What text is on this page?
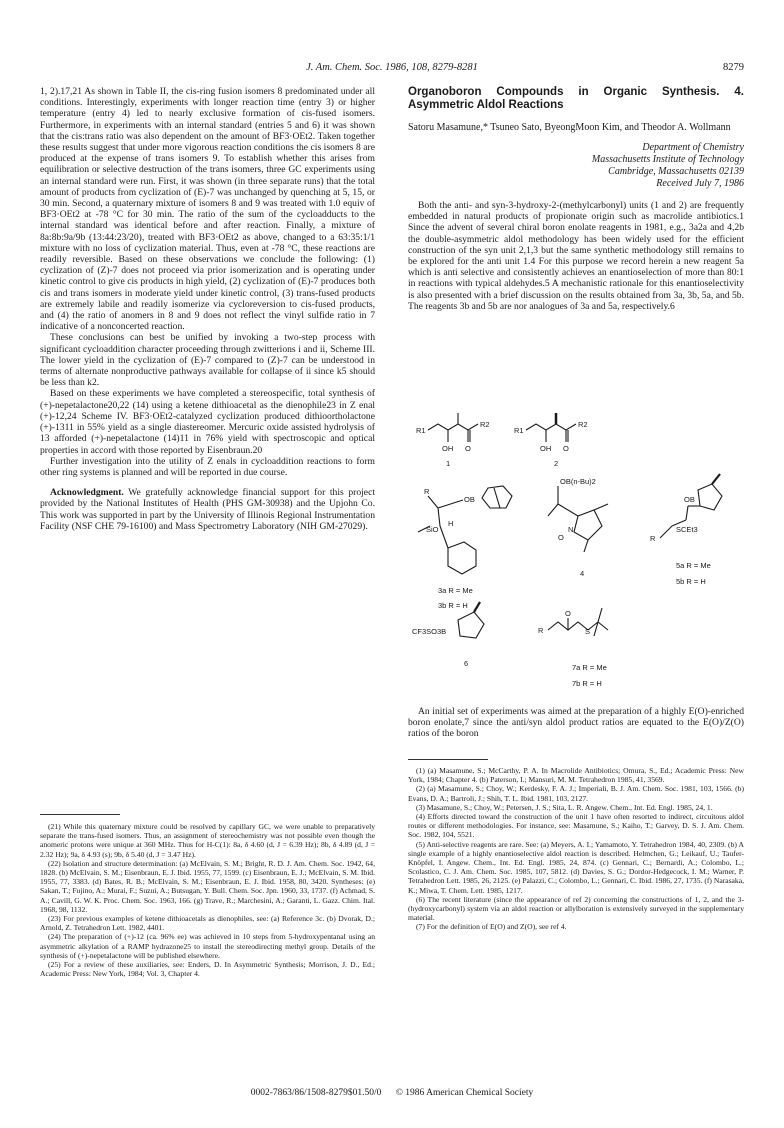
J. Am. Chem. Soc. 1986, 108, 8279-8281	8279

1, 2).17,21 As shown in Table II, the cis-ring fusion isomers 8 predominated under all conditions. Interestingly, experiments with longer reaction time (entry 3) or higher temperature (entry 4) led to nearly exclusive formation of cis-fused isomers. Furthermore, in experiments with an internal standard (entries 5 and 6) it was shown that the cis:trans ratio was also dependent on the amount of BF3·OEt2. Taken together these results suggest that under more vigorous reaction conditions the cis isomers 8 are produced at the expense of trans isomers 9. To establish whether this arises from equilibration or selective destruction of the trans isomers, three GC experiments using an internal standard were run. First, it was shown (in three separate runs) that the total amount of products from cyclization of (E)-7 was unchanged by quenching at 5, 15, or 30 min. Second, a quaternary mixture of isomers 8 and 9 was treated with 1.0 equiv of BF3·OEt2 at -78 °C for 30 min. The ratio of the sum of the cycloadducts to the internal standard was identical before and after reaction. Finally, a mixture of 8a:8b:9a/9b (13:44:23/20), treated with BF3·OEt2 as above, changed to a 63:35:1/1 mixture with no loss of cyclization material. Thus, even at -78 °C, these reactions are readily reversible. Based on these observations we conclude the following: (1) cyclization of (Z)-7 does not proceed via prior isomerization and is operating under kinetic control to give cis products in high yield, (2) cyclization of (E)-7 produces both cis and trans isomers in moderate yield under kinetic control, (3) trans-fused products are extremely labile and readily isomerize via cycloreversion to cis-fused products, and (4) the ratio of anomers in 8 and 9 does not reflect the vinyl sulfide ratio in 7 indicative of a nonconcerted reaction.

These conclusions can best be unified by invoking a two-step process with significant cycloaddition character proceeding through zwitterions i and ii, Scheme III. The lower yield in the cyclization of (E)-7 compared to (Z)-7 can be understood in terms of alternate nonproductive pathways available for collapse of ii since k5 should be less than k2.

Based on these experiments we have completed a stereospecific, total synthesis of (+)-nepetalactone20,22 (14) using a ketene dithioacetal as the dienophile23 in Z enal (+)-12,24 Scheme IV. BF3·OEt2-catalyzed cyclization produced dithioortholactone (+)-1311 in 55% yield as a single diastereomer. Mercuric oxide assisted hydrolysis of 13 afforded (+)-nepetalactone (14)11 in 76% yield with spectroscopic and optical properties in accord with those reported by Eisenbraun.20

Further investigation into the utility of Z enals in cycloaddition reactions to form other ring systems is planned and will be reported in due course.

Acknowledgment. We gratefully acknowledge financial support for this project provided by the National Institutes of Health (PHS GM-30938) and the Upjohn Co. This work was supported in part by the University of Illinois Regional Instrumentation Facility (NSF CHE 79-16100) and Mass Spectrometry Laboratory (NIH GM-27029).

(21) While this quaternary mixture could be resolved by capillary GC, we were unable to preparatively separate the trans-fused isomers. Thus, an assignment of stereochemistry was not possible even though the anomeric protons were unique at 360 MHz. Thus for H-C(1): 8a, δ 4.60 (d, J = 6.39 Hz); 8b, δ 4.89 (d, J = 2.32 Hz); 9a, δ 4.93 (s); 9b, δ 5.40 (d, J = 3.47 Hz).

(22) Isolation and structure determination: (a) McElvain, S. M.; Bright, R. D. J. Am. Chem. Soc. 1942, 64, 1828. (b) McElvain, S. M.; Eisenbraun, E. J. Ibid. 1955, 77, 1599. (c) Eisenbraun, E. J.; McElvain, S. M. Ibid. 1955, 77, 3383. (d) Bates, R. B.; McElvain, S. M.; Eisenbraun, E. J. Ibid. 1958, 80, 3420. Syntheses: (e) Sakan, T.; Fujino, A.; Murai, F.; Suzui, A.; Butsugan, Y. Bull. Chem. Soc. Jpn. 1960, 33, 1737. (f) Achmad, S. A.; Cavill, G. W. K. Proc. Chem. Soc. 1963, 166. (g) Trave, R.; Marchesini, A.; Garanti, L. Gazz. Chim. Ital. 1968, 98, 1132.

(23) For previous examples of ketene dithioacetals as dienophiles, see: (a) Reference 3c. (b) Dvorak, D.; Arnold, Z. Tetrahedron Lett. 1982, 4401.

(24) The preparation of (+)-12 (ca. 96% ee) was achieved in 10 steps from 5-hydroxypentanal using an asymmetric alkylation of a RAMP hydrazone25 to install the stereodirecting methyl group. Details of the synthesis of (+)-nepetalactone will be published elsewhere.

(25) For a review of these auxiliaries, see: Enders, D. In Asymmetric Synthesis; Morrison, J. D., Ed.; Academic Press: New York, 1984; Vol. 3, Chapter 4.

Organoboron Compounds in Organic Synthesis. 4. Asymmetric Aldol Reactions
Satoru Masamune,* Tsuneo Sato, ByeongMoon Kim, and Theodor A. Wollmann
Department of Chemistry
Massachusetts Institute of Technology
Cambridge, Massachusetts 02139
Received July 7, 1986

Both the anti- and syn-3-hydroxy-2-(methylcarbonyl) units (1 and 2) are frequently embedded in natural products of propionate origin such as macrolide antibiotics.1 Since the advent of several chiral boron enolate reagents in 1981, e.g., 3a2a and 4,2b the double-asymmetric aldol methodology has been widely used for the efficient construction of the syn unit 2,1,3 but the same synthetic methodology still remains to be explored for the anti unit 1.4 For this purpose we record herein a new reagent 5a which is anti selective and consistently achieves an enantioselection of more than 80:1 in reactions with typical aldehydes.5 A mechanistic rationale for this enantioselectivity is also presented with a brief discussion on the results obtained from 3a, 3b, 5a, and 5b. The reagents 3b and 5b are nor analogues of 3a and 5a, respectively.6

R1
R2
OH O
1
R1
R2
OH O
2
R
OB
H
SiO
3a R = Me
3b R = H
OB(n-Bu)2
N
O
4
R
OB
SCEt3
5a R = Me
5b R = H
CF3SO3B
6
R
O
S
7a R = Me
7b R = H

An initial set of experiments was aimed at the preparation of a highly E(O)-enriched boron enolate,7 since the anti/syn aldol product ratios are equated to the E(O)/Z(O) ratios of the boron

(1) (a) Masamune, S.; McCarthy, P. A. In Macrolide Antibiotics; Omura, S., Ed.; Academic Press: New York, 1984; Chapter 4. (b) Paterson, I.; Mansuri, M. M. Tetrahedron 1985, 41, 3569.

(2) (a) Masamune, S.; Choy, W.; Kerdesky, F. A. J.; Imperiali, B. J. Am. Chem. Soc. 1981, 103, 1566. (b) Evans, D. A.; Bartroli, J.; Shih, T. L. Ibid. 1981, 103, 2127.

(3) Masamune, S.; Choy, W.; Petersen, J. S.; Sita, L. R. Angew. Chem., Int. Ed. Engl. 1985, 24, 1.

(4) Efforts directed toward the construction of the unit 1 have often resorted to indirect, circuitous aldol routes or different methodologies. For instance, see: Masamune, S.; Kaiho, T.; Garvey, D. S. J. Am. Chem. Soc. 1982, 104, 5521.

(5) Anti-selective reagents are rare. See: (a) Meyers, A. I.; Yamamoto, Y. Tetrahedron 1984, 40, 2309. (b) A single example of a highly enantioselective aldol reaction is described. Helmchen, G.; Leikauf, U.; Taufer-Knöpfel, I. Angew. Chem., Int. Ed. Engl. 1985, 24, 874. (c) Gennari, C.; Bernardi, A.; Colombo, L.; Scolastico, C. J. Am. Chem. Soc. 1985, 107, 5812. (d) Davies, S. G.; Dordor-Hedgecock, I. M.; Warner, P. Tetrahedron Lett. 1985, 26, 2125. (e) Palazzi, C.; Colombo, L.; Gennari, C. Ibid. 1986, 27, 1735. (f) Narasaka, K.; Miwa, T. Chem. Lett. 1985, 1217.

(6) The recent literature (since the appearance of ref 2) concerning the constructions of 1, 2, and the 3-(hydroxycarbonyl) system via an aldol reaction or allylboration is extensively surveyed in the supplementary material.

(7) For the definition of E(O) and Z(O), see ref 4.

0002-7863/86/1508-8279$01.50/0 © 1986 American Chemical Society
